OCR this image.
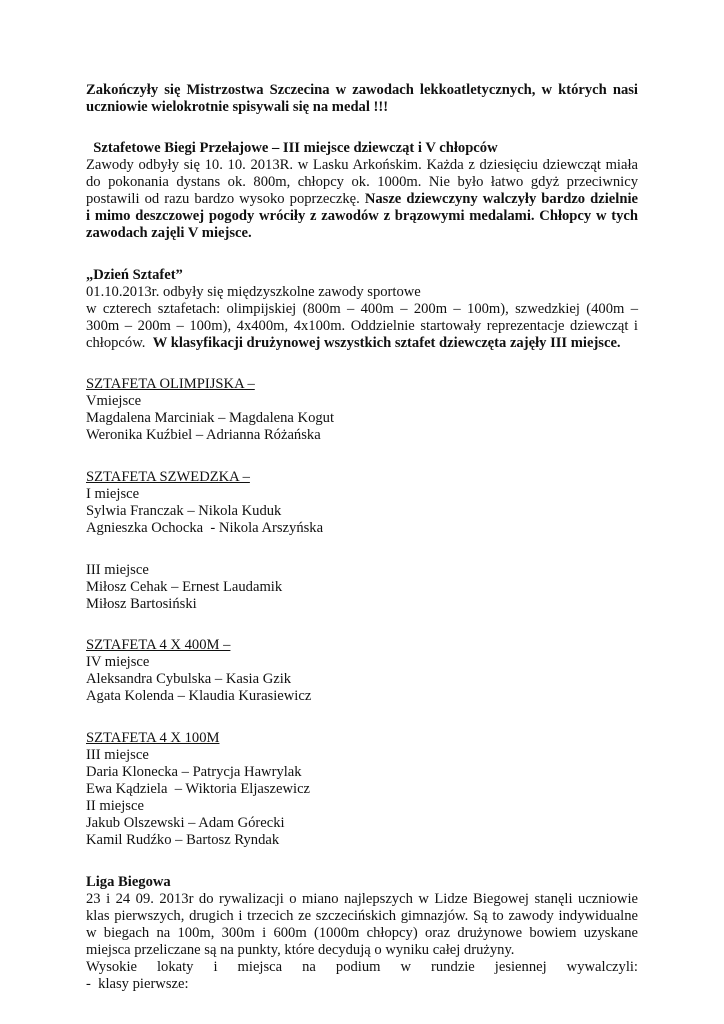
Zakończyły się Mistrzostwa Szczecina w zawodach lekkoatletycznych, w których nasi
uczniowie wielokrotnie spisywali się na medal !!!
Sztafetowe Biegi Przełajowe – III miejsce dziewcząt i V chłopców
Zawody odbyły się 10. 10. 2013R. w Lasku Arkońskim. Każda z dziesięciu dziewcząt miała
do pokonania dystans ok. 800m, chłopcy ok. 1000m. Nie było łatwo gdyż przeciwnicy
postawili od razu bardzo wysoko poprzeczkę. Nasze dziewczyny walczyły bardzo dzielnie
i mimo deszczowej pogody wróciły z zawodów z brązowymi medalami. Chłopcy w tych
zawodach zajęli V miejsce.
„Dzień Sztafet”
01.10.2013r. odbyły się międzyszkolne zawody sportowe
w czterech sztafetach: olimpijskiej (800m – 400m – 200m – 100m), szwedzkiej (400m –
300m – 200m – 100m), 4x400m, 4x100m. Oddzielnie startowały reprezentacje dziewcząt i
chłopców.  W klasyfikacji drużynowej wszystkich sztafet dziewczęta zajęły III miejsce.
SZTAFETA OLIMPIJSKA –
Vmiejsce
Magdalena Marciniak – Magdalena Kogut
Weronika Kuźbiel – Adrianna Różańska
SZTAFETA SZWEDZKA –
I miejsce
Sylwia Franczak – Nikola Kuduk
Agnieszka Ochocka  - Nikola Arszyńska
III miejsce
Miłosz Cehak – Ernest Laudamik
Miłosz Bartosiński
SZTAFETA 4 X 400M –
IV miejsce
Aleksandra Cybulska – Kasia Gzik
Agata Kolenda – Klaudia Kurasiewicz
SZTAFETA 4 X 100M
III miejsce
Daria Klonecka – Patrycja Hawrylak
Ewa Kądziela  – Wiktoria Eljaszewicz
II miejsce
Jakub Olszewski – Adam Górecki
Kamil Rudźko – Bartosz Ryndak
Liga Biegowa
23 i 24 09. 2013r do rywalizacji o miano najlepszych w Lidze Biegowej stanęli uczniowie
klas pierwszych, drugich i trzecich ze szczecińskich gimnazjów. Są to zawody indywidualne
w biegach na 100m, 300m i 600m (1000m chłopcy) oraz drużynowe bowiem uzyskane
miejsca przeliczane są na punkty, które decydują o wyniku całej drużyny.
Wysokie lokaty i miejsca na podium w rundzie jesiennej wywalczyli:
-  klasy pierwsze:
